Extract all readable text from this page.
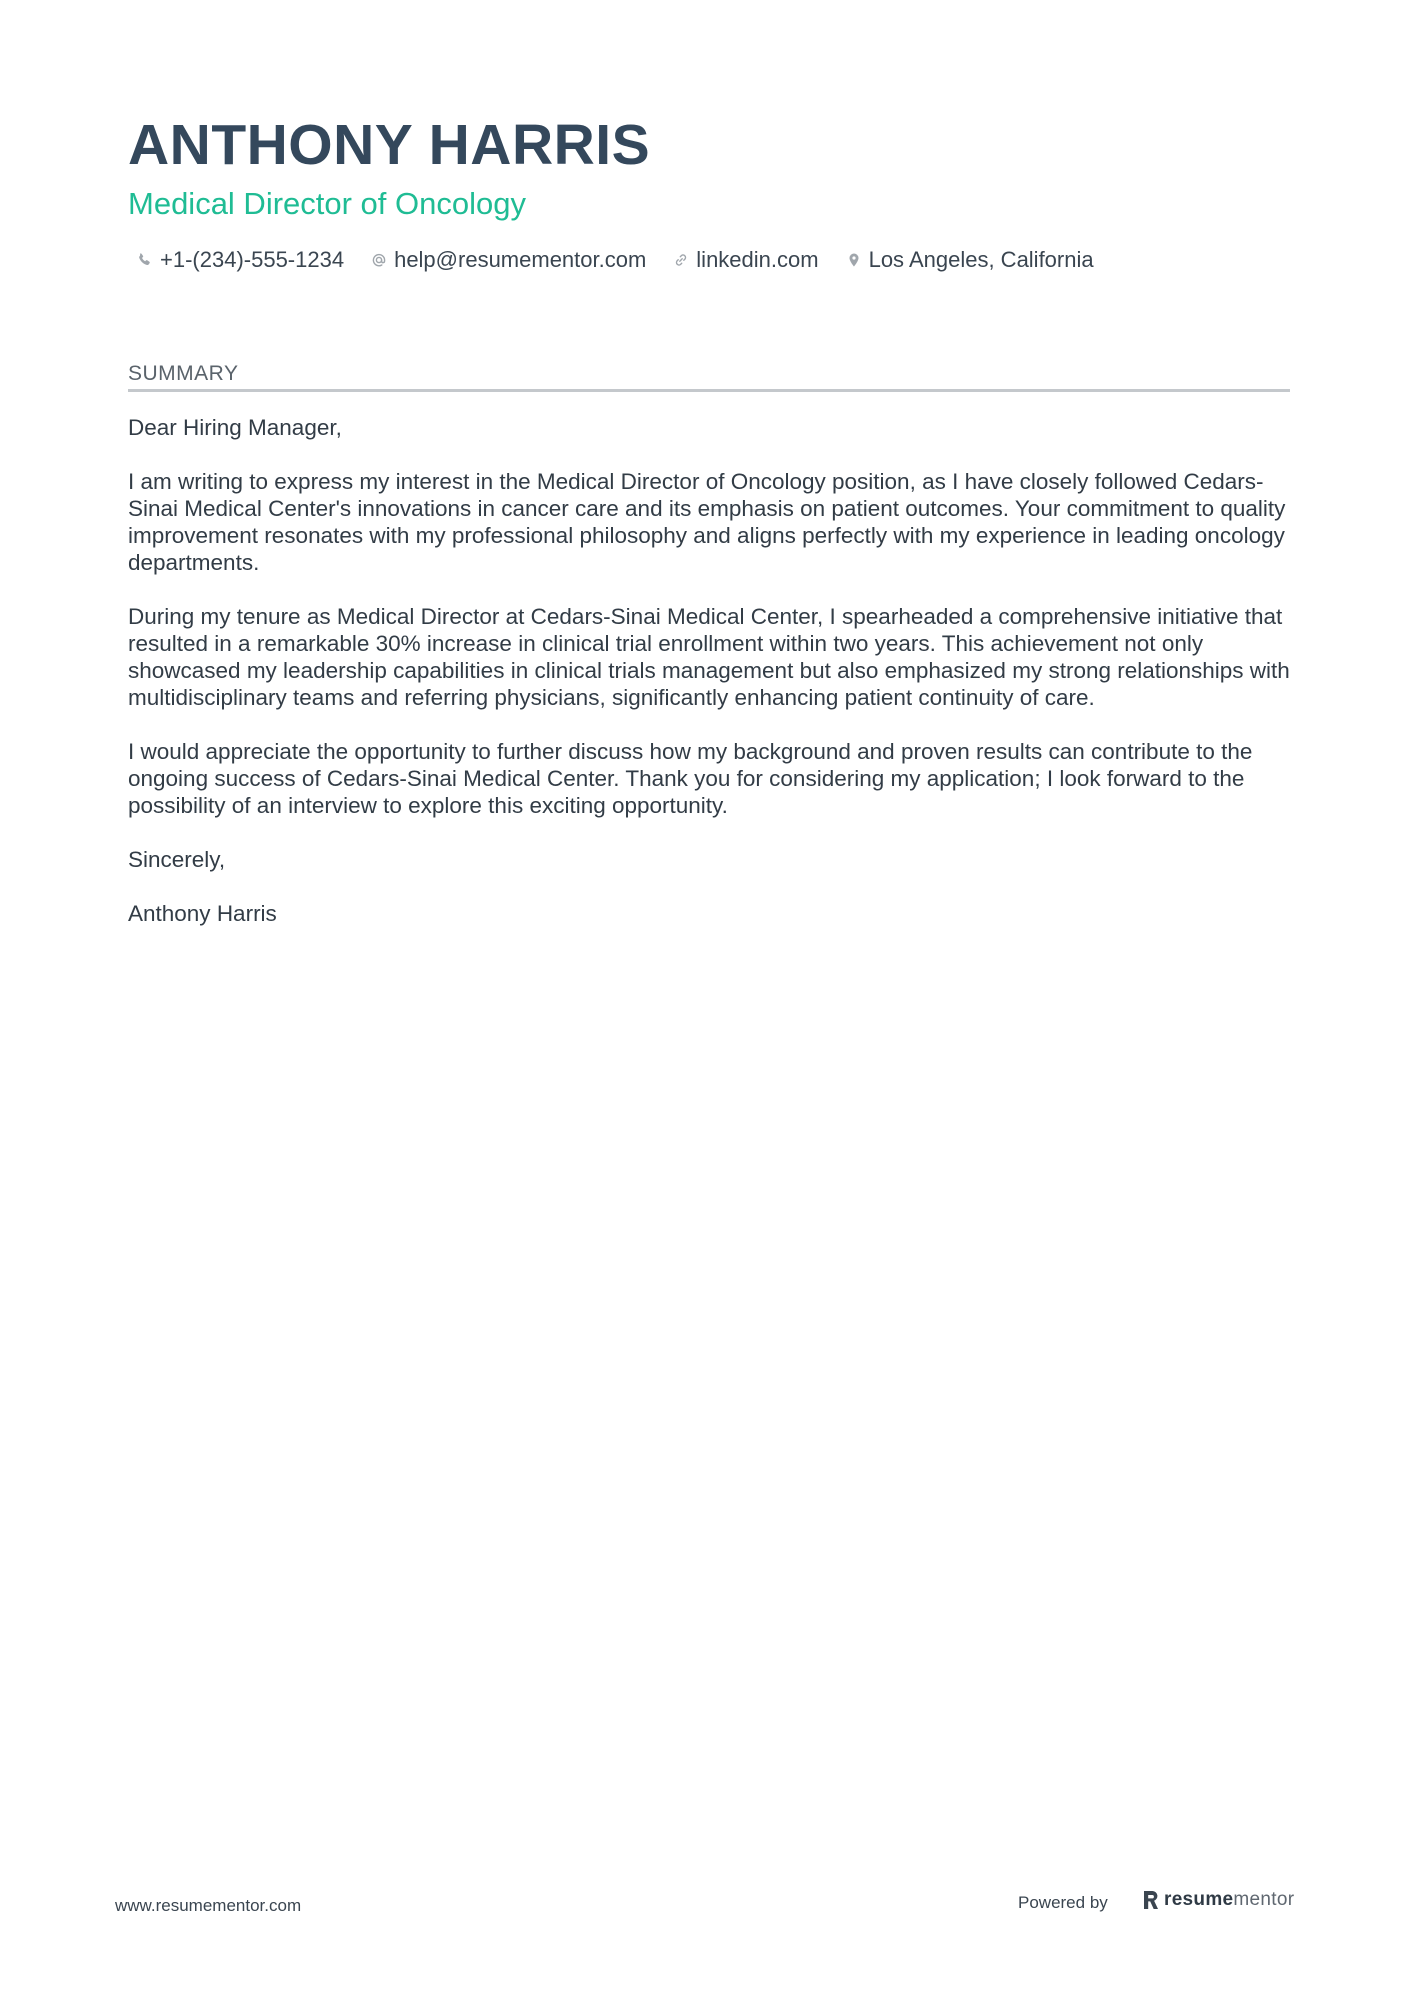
ANTHONY HARRIS
Medical Director of Oncology
+1-(234)-555-1234 help@resumementor.com linkedin.com Los Angeles, California
SUMMARY

Dear Hiring Manager,

I am writing to express my interest in the Medical Director of Oncology position, as I have closely followed Cedars-Sinai Medical Center's innovations in cancer care and its emphasis on patient outcomes. Your commitment to quality improvement resonates with my professional philosophy and aligns perfectly with my experience in leading oncology departments.

During my tenure as Medical Director at Cedars-Sinai Medical Center, I spearheaded a comprehensive initiative that resulted in a remarkable 30% increase in clinical trial enrollment within two years. This achievement not only showcased my leadership capabilities in clinical trials management but also emphasized my strong relationships with multidisciplinary teams and referring physicians, significantly enhancing patient continuity of care.

I would appreciate the opportunity to further discuss how my background and proven results can contribute to the ongoing success of Cedars-Sinai Medical Center. Thank you for considering my application; I look forward to the possibility of an interview to explore this exciting opportunity.

Sincerely,

Anthony Harris

www.resumementor.com	Powered by	resumementor
